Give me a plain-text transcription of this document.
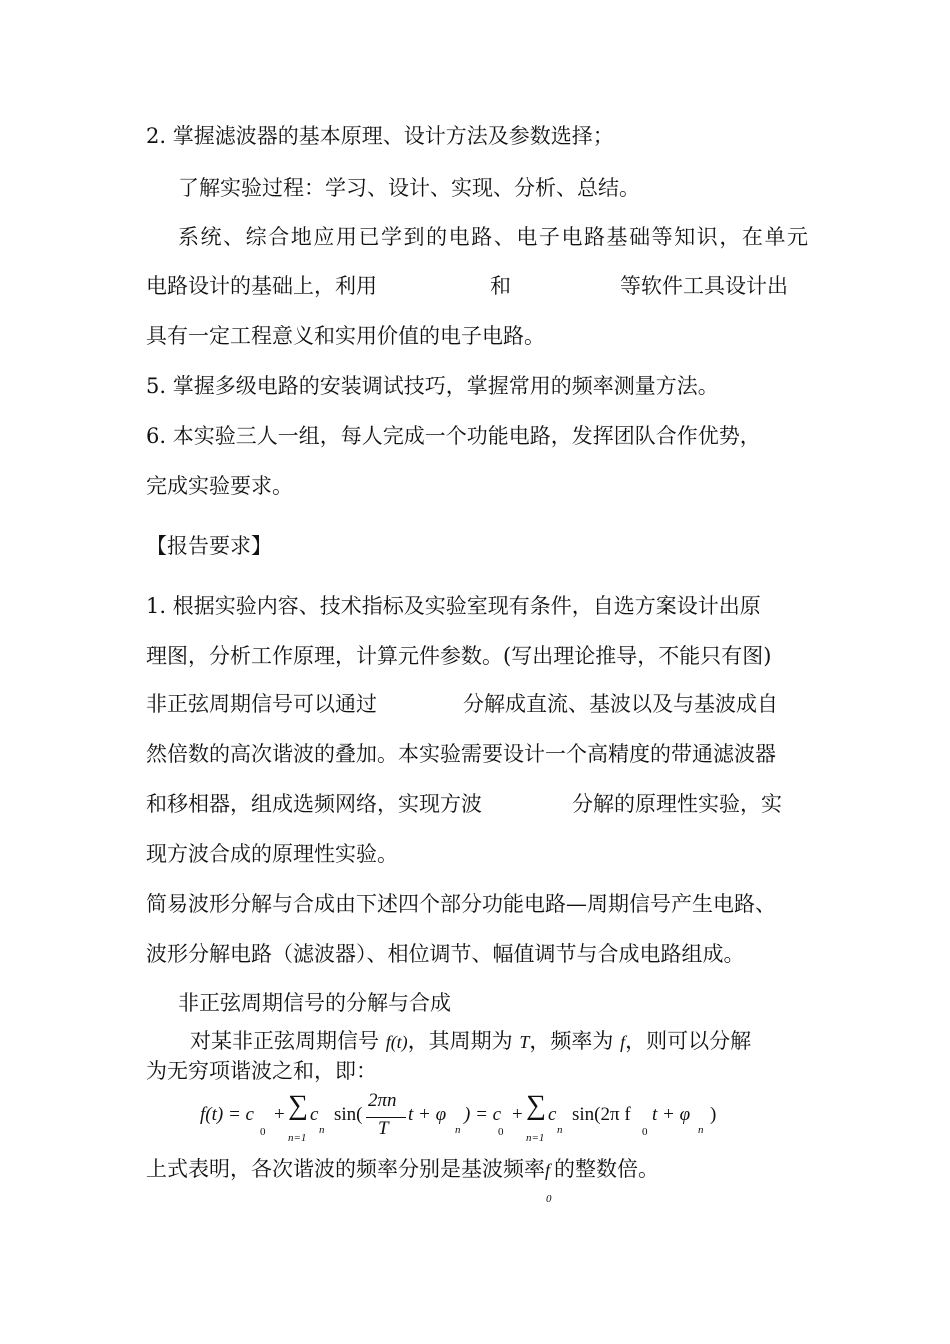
2. 掌握滤波器的基本原理、设计方法及参数选择；
了解实验过程：学习、设计、实现、分析、总结。
系统、综合地应用已学到的电路、电子电路基础等知识，在单元
电路设计的基础上，利用	和	等软件工具设计出
具有一定工程意义和实用价值的电子电路。
5. 掌握多级电路的安装调试技巧，掌握常用的频率测量方法。
6. 本实验三人一组，每人完成一个功能电路，发挥团队合作优势，
完成实验要求。
【报告要求】
1. 根据实验内容、技术指标及实验室现有条件，自选方案设计出原
理图，分析工作原理，计算元件参数。(写出理论推导，不能只有图)
非正弦周期信号可以通过	分解成直流、基波以及与基波成自
然倍数的高次谐波的叠加。本实验需要设计一个高精度的带通滤波器
和移相器，组成选频网络，实现方波	分解的原理性实验，实
现方波合成的原理性实验。
简易波形分解与合成由下述四个部分功能电路—周期信号产生电路、
波形分解电路（滤波器）、相位调节、幅值调节与合成电路组成。
非正弦周期信号的分解与合成
对某非正弦周期信号 f(t)，其周期为 T，频率为 f，则可以分解
为无穷项谐波之和，即：
f(t) = c
0
+ ∑
n=1
c
n
sin(
2πn
T
t + φ
n
) = c
0
+ ∑
n=1
c
n
sin(2π f
0
t + φ
n
)
上式表明，各次谐波的频率分别是基波频率f
0
的整数倍。
